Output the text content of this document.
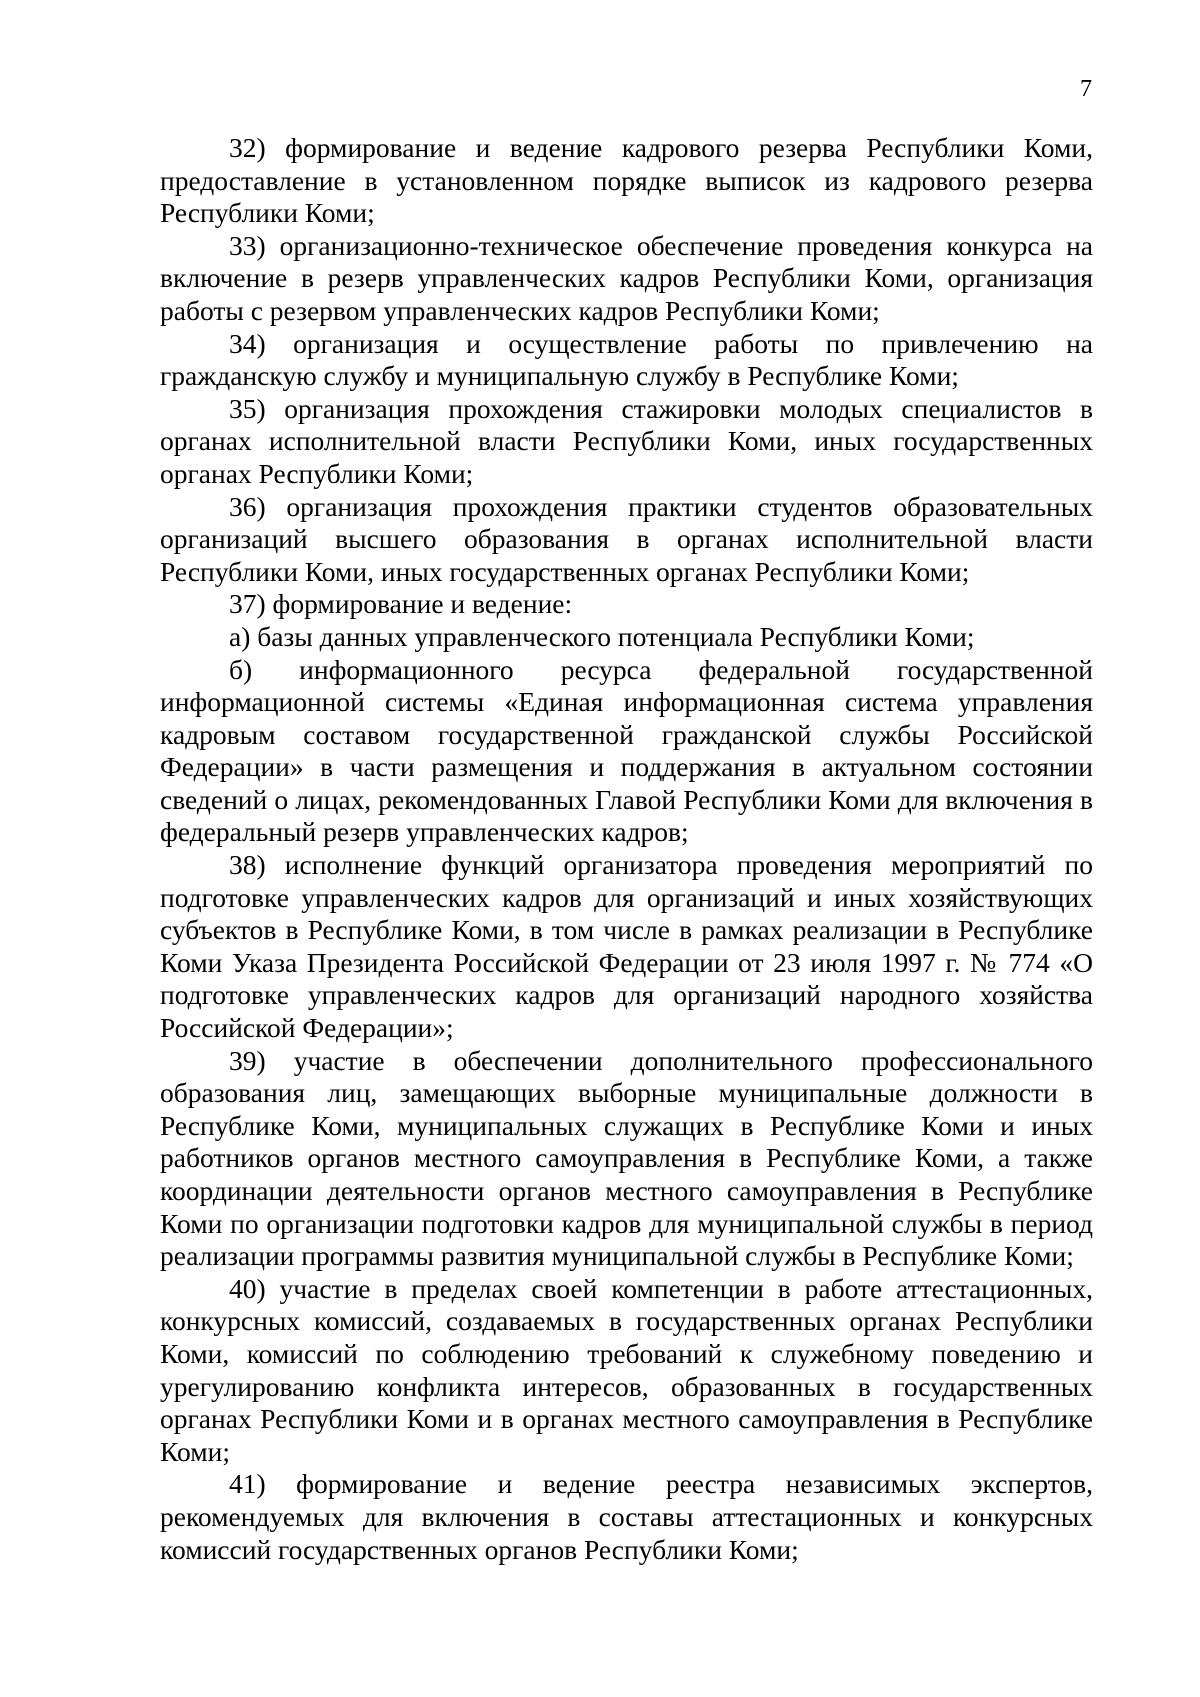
7

32) формирование и ведение кадрового резерва Республики Коми, предоставление в установленном порядке выписок из кадрового резерва Республики Коми;

33) организационно-техническое обеспечение проведения конкурса на включение в резерв управленческих кадров Республики Коми, организация работы с резервом управленческих кадров Республики Коми;

34) организация и осуществление работы по привлечению на гражданскую службу и муниципальную службу в Республике Коми;

35) организация прохождения стажировки молодых специалистов в органах исполнительной власти Республики Коми, иных государственных органах Республики Коми;

36) организация прохождения практики студентов образовательных организаций высшего образования в органах исполнительной власти Республики Коми, иных государственных органах Республики Коми;

37) формирование и ведение:

а) базы данных управленческого потенциала Республики Коми;

б) информационного ресурса федеральной государственной информационной системы «Единая информационная система управления кадровым составом государственной гражданской службы Российской Федерации» в части размещения и поддержания в актуальном состоянии сведений о лицах, рекомендованных Главой Республики Коми для включения в федеральный резерв управленческих кадров;

38) исполнение функций организатора проведения мероприятий по подготовке управленческих кадров для организаций и иных хозяйствующих субъектов в Республике Коми, в том числе в рамках реализации в Республике Коми Указа Президента Российской Федерации от 23 июля 1997 г. № 774 «О подготовке управленческих кадров для организаций народного хозяйства Российской Федерации»;

39) участие в обеспечении дополнительного профессионального образования лиц, замещающих выборные муниципальные должности в Республике Коми, муниципальных служащих в Республике Коми и иных работников органов местного самоуправления в Республике Коми, а также координации деятельности органов местного самоуправления в Республике Коми по организации подготовки кадров для муниципальной службы в период реализации программы развития муниципальной службы в Республике Коми;

40) участие в пределах своей компетенции в работе аттестационных, конкурсных комиссий, создаваемых в государственных органах Республики Коми, комиссий по соблюдению требований к служебному поведению и урегулированию конфликта интересов, образованных в государственных органах Республики Коми и в органах местного самоуправления в Республике Коми;

41) формирование и ведение реестра независимых экспертов, рекомендуемых для включения в составы аттестационных и конкурсных комиссий государственных органов Республики Коми;
